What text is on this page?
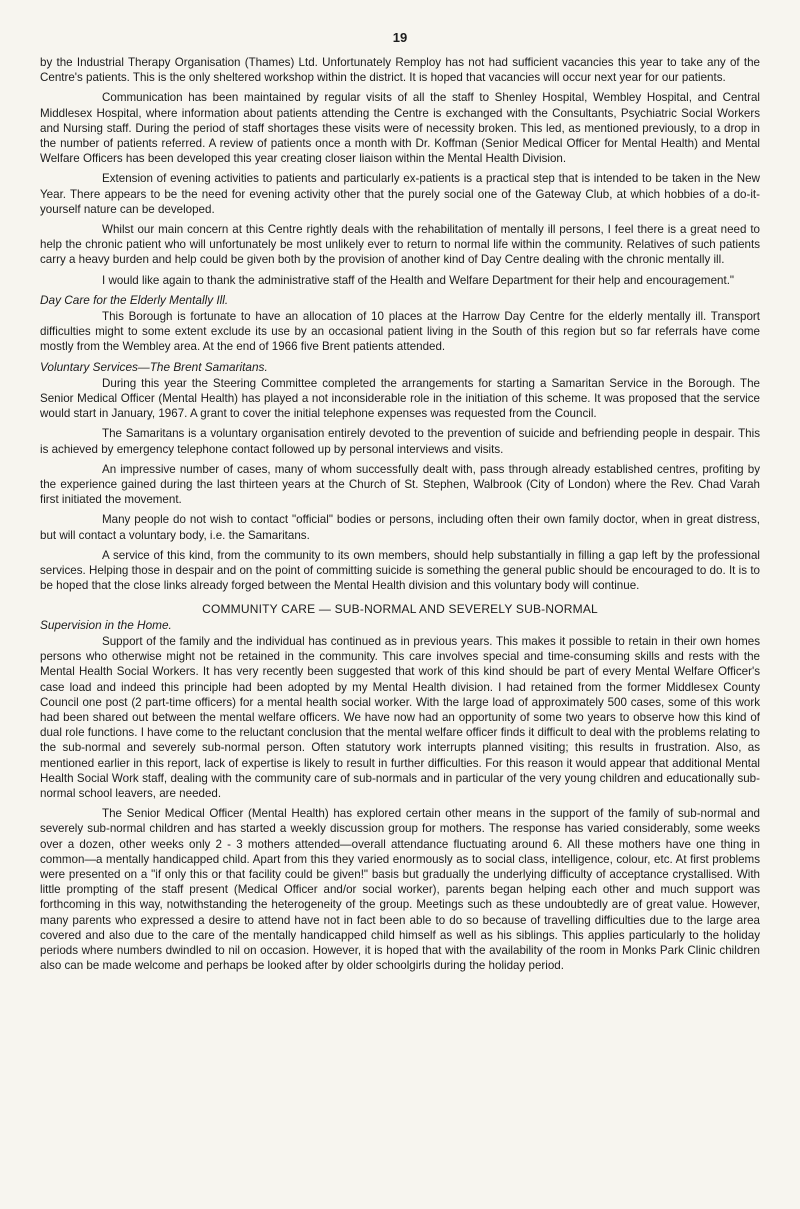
19

by the Industrial Therapy Organisation (Thames) Ltd. Unfortunately Remploy has not had sufficient vacancies this year to take any of the Centre's patients. This is the only sheltered workshop within the district. It is hoped that vacancies will occur next year for our patients.

Communication has been maintained by regular visits of all the staff to Shenley Hospital, Wembley Hospital, and Central Middlesex Hospital, where information about patients attending the Centre is exchanged with the Consultants, Psychiatric Social Workers and Nursing staff. During the period of staff shortages these visits were of necessity broken. This led, as mentioned previously, to a drop in the number of patients referred. A review of patients once a month with Dr. Koffman (Senior Medical Officer for Mental Health) and Mental Welfare Officers has been developed this year creating closer liaison within the Mental Health Division.

Extension of evening activities to patients and particularly ex-patients is a practical step that is intended to be taken in the New Year. There appears to be the need for evening activity other that the purely social one of the Gateway Club, at which hobbies of a do-it-yourself nature can be developed.

Whilst our main concern at this Centre rightly deals with the rehabilitation of mentally ill persons, I feel there is a great need to help the chronic patient who will unfortunately be most unlikely ever to return to normal life within the community. Relatives of such patients carry a heavy burden and help could be given both by the provision of another kind of Day Centre dealing with the chronic mentally ill.

I would like again to thank the administrative staff of the Health and Welfare Department for their help and encouragement."

Day Care for the Elderly Mentally Ill.

This Borough is fortunate to have an allocation of 10 places at the Harrow Day Centre for the elderly mentally ill. Transport difficulties might to some extent exclude its use by an occasional patient living in the South of this region but so far referrals have come mostly from the Wembley area. At the end of 1966 five Brent patients attended.

Voluntary Services—The Brent Samaritans.

During this year the Steering Committee completed the arrangements for starting a Samaritan Service in the Borough. The Senior Medical Officer (Mental Health) has played a not inconsiderable role in the initiation of this scheme. It was proposed that the service would start in January, 1967. A grant to cover the initial telephone expenses was requested from the Council.

The Samaritans is a voluntary organisation entirely devoted to the prevention of suicide and befriending people in despair. This is achieved by emergency telephone contact followed up by personal interviews and visits.

An impressive number of cases, many of whom successfully dealt with, pass through already established centres, profiting by the experience gained during the last thirteen years at the Church of St. Stephen, Walbrook (City of London) where the Rev. Chad Varah first initiated the movement.

Many people do not wish to contact "official" bodies or persons, including often their own family doctor, when in great distress, but will contact a voluntary body, i.e. the Samaritans.

A service of this kind, from the community to its own members, should help substantially in filling a gap left by the professional services. Helping those in despair and on the point of committing suicide is something the general public should be encouraged to do. It is to be hoped that the close links already forged between the Mental Health division and this voluntary body will continue.

COMMUNITY CARE — SUB-NORMAL AND SEVERELY SUB-NORMAL
Supervision in the Home.

Support of the family and the individual has continued as in previous years. This makes it possible to retain in their own homes persons who otherwise might not be retained in the community. This care involves special and time-consuming skills and rests with the Mental Health Social Workers. It has very recently been suggested that work of this kind should be part of every Mental Welfare Officer's case load and indeed this principle had been adopted by my Mental Health division. I had retained from the former Middlesex County Council one post (2 part-time officers) for a mental health social worker. With the large load of approximately 500 cases, some of this work had been shared out between the mental welfare officers. We have now had an opportunity of some two years to observe how this kind of dual role functions. I have come to the reluctant conclusion that the mental welfare officer finds it difficult to deal with the problems relating to the sub-normal and severely sub-normal person. Often statutory work interrupts planned visiting; this results in frustration. Also, as mentioned earlier in this report, lack of expertise is likely to result in further difficulties. For this reason it would appear that additional Mental Health Social Work staff, dealing with the community care of sub-normals and in particular of the very young children and educationally sub-normal school leavers, are needed.

The Senior Medical Officer (Mental Health) has explored certain other means in the support of the family of sub-normal and severely sub-normal children and has started a weekly discussion group for mothers. The response has varied considerably, some weeks over a dozen, other weeks only 2 - 3 mothers attended—overall attendance fluctuating around 6. All these mothers have one thing in common—a mentally handicapped child. Apart from this they varied enormously as to social class, intelligence, colour, etc. At first problems were presented on a "if only this or that facility could be given!" basis but gradually the underlying difficulty of acceptance crystallised. With little prompting of the staff present (Medical Officer and/or social worker), parents began helping each other and much support was forthcoming in this way, notwithstanding the heterogeneity of the group. Meetings such as these undoubtedly are of great value. However, many parents who expressed a desire to attend have not in fact been able to do so because of travelling difficulties due to the large area covered and also due to the care of the mentally handicapped child himself as well as his siblings. This applies particularly to the holiday periods where numbers dwindled to nil on occasion. However, it is hoped that with the availability of the room in Monks Park Clinic children also can be made welcome and perhaps be looked after by older schoolgirls during the holiday period.
